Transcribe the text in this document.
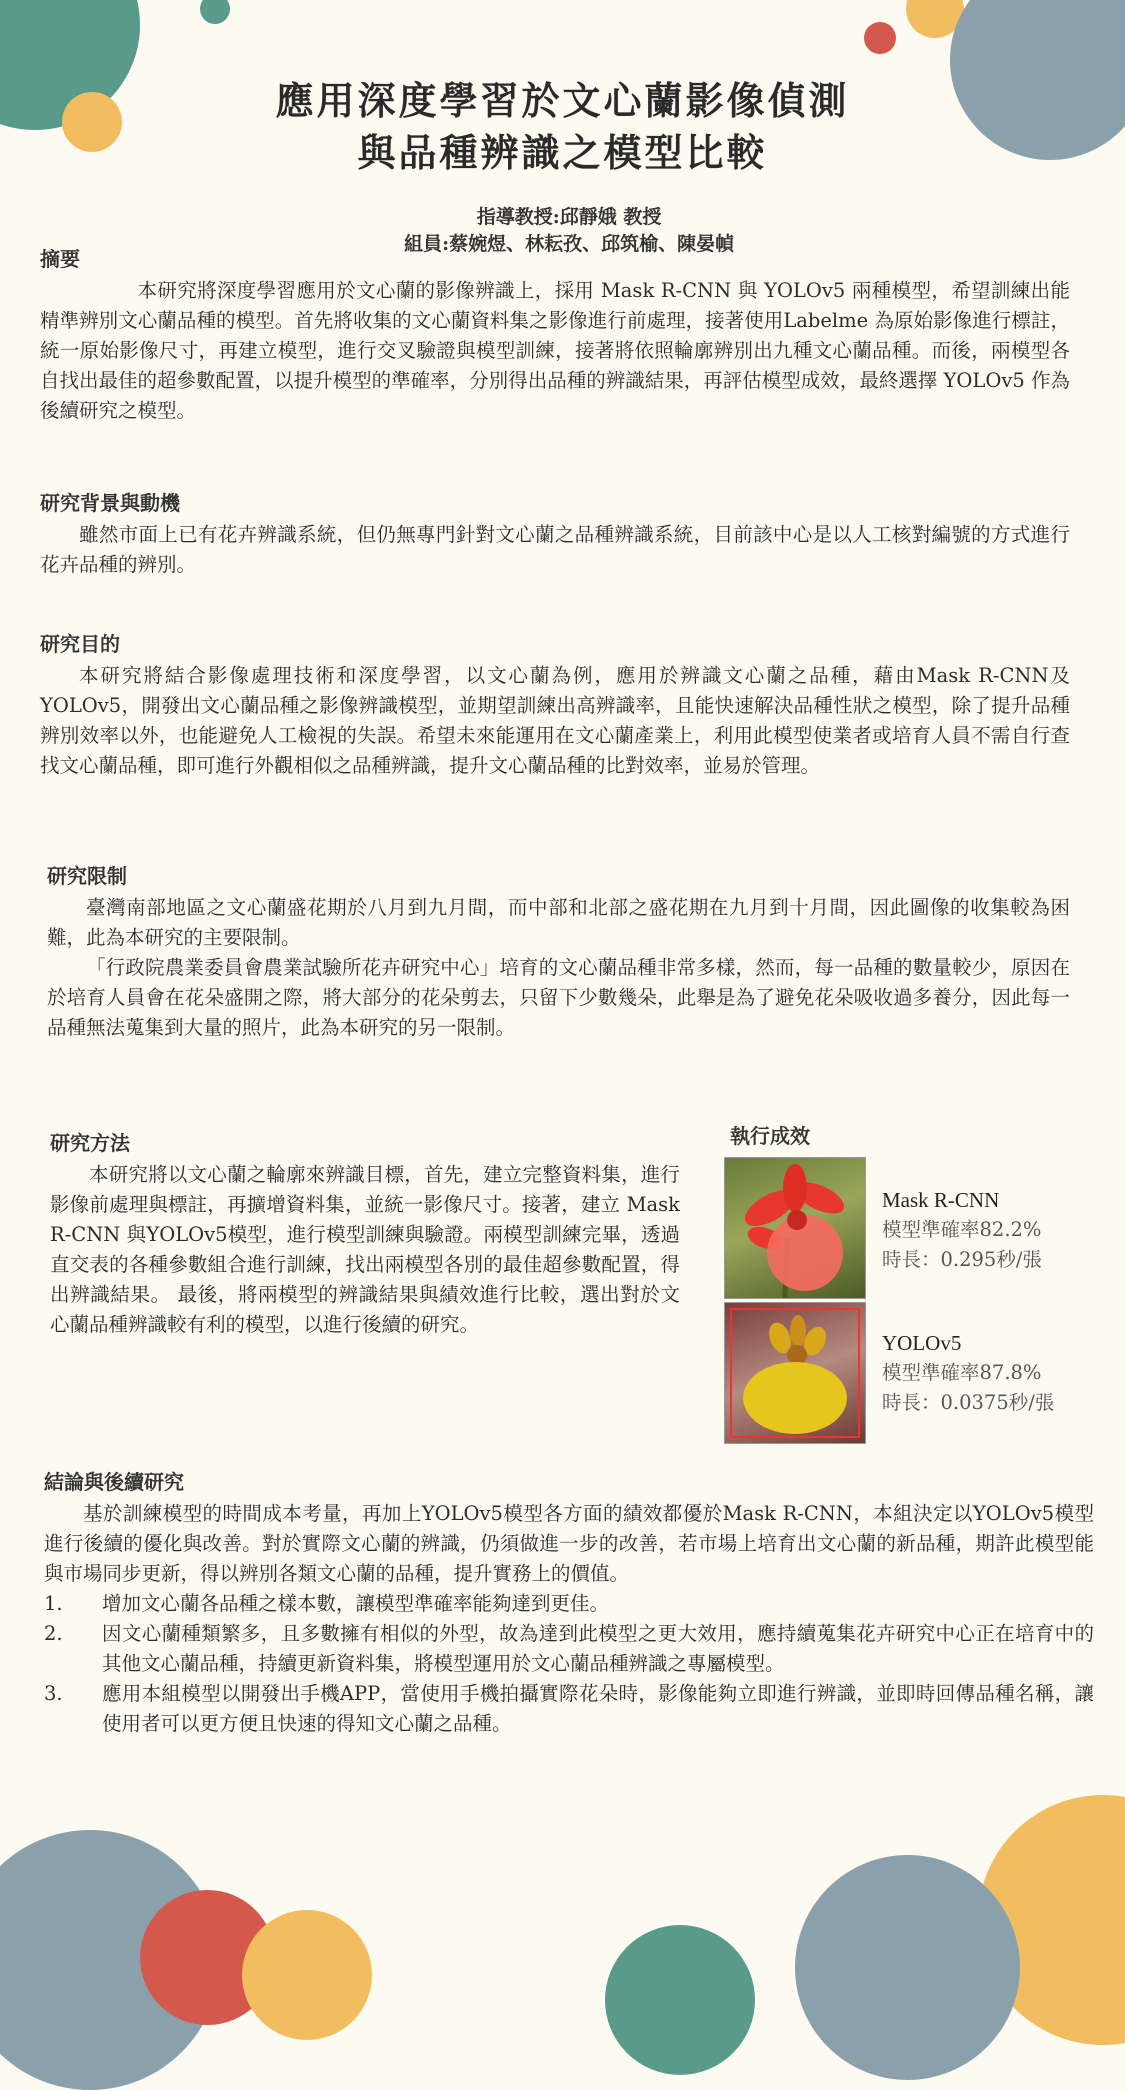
應用深度學習於文心蘭影像偵測
與品種辨識之模型比較

指導教授:邱靜娥 教授
組員:蔡婉煜、林耘孜、邱筑榆、陳晏幀

摘要

本研究將深度學習應用於文心蘭的影像辨識上，採用 Mask R-CNN 與 YOLOv5 兩種模型，希望訓練出能精準辨別文心蘭品種的模型。首先將收集的文心蘭資料集之影像進行前處理，接著使用Labelme 為原始影像進行標註，統一原始影像尺寸，再建立模型，進行交叉驗證與模型訓練，接著將依照輪廓辨別出九種文心蘭品種。而後，兩模型各自找出最佳的超參數配置，以提升模型的準確率，分別得出品種的辨識結果，再評估模型成效，最終選擇 YOLOv5 作為後續研究之模型。

研究背景與動機

雖然市面上已有花卉辨識系統，但仍無專門針對文心蘭之品種辨識系統，目前該中心是以人工核對編號的方式進行花卉品種的辨別。

研究目的

本研究將結合影像處理技術和深度學習，以文心蘭為例，應用於辨識文心蘭之品種，藉由Mask R-CNN及YOLOv5，開發出文心蘭品種之影像辨識模型，並期望訓練出高辨識率，且能快速解決品種性狀之模型，除了提升品種辨別效率以外，也能避免人工檢視的失誤。希望未來能運用在文心蘭產業上，利用此模型使業者或培育人員不需自行查找文心蘭品種，即可進行外觀相似之品種辨識，提升文心蘭品種的比對效率，並易於管理。

研究限制

臺灣南部地區之文心蘭盛花期於八月到九月間，而中部和北部之盛花期在九月到十月間，因此圖像的收集較為困難，此為本研究的主要限制。

「行政院農業委員會農業試驗所花卉研究中心」培育的文心蘭品種非常多樣，然而，每一品種的數量較少，原因在於培育人員會在花朵盛開之際，將大部分的花朵剪去，只留下少數幾朵，此舉是為了避免花朵吸收過多養分，因此每一品種無法蒐集到大量的照片，此為本研究的另一限制。

研究方法

本研究將以文心蘭之輪廓來辨識目標，首先，建立完整資料集，進行影像前處理與標註，再擴增資料集，並統一影像尺寸。接著，建立 Mask R-CNN 與YOLOv5模型，進行模型訓練與驗證。兩模型訓練完畢，透過直交表的各種參數組合進行訓練，找出兩模型各別的最佳超參數配置，得出辨識結果。 最後，將兩模型的辨識結果與績效進行比較，選出對於文心蘭品種辨識較有利的模型，以進行後續的研究。

執行成效
Mask R-CNN
模型準確率82.2%
時長：0.295秒/張
YOLOv5
模型準確率87.8%
時長：0.0375秒/張
結論與後續研究

基於訓練模型的時間成本考量，再加上YOLOv5模型各方面的績效都優於Mask R-CNN，本組決定以YOLOv5模型進行後續的優化與改善。對於實際文心蘭的辨識，仍須做進一步的改善，若市場上培育出文心蘭的新品種，期許此模型能與市場同步更新，得以辨別各類文心蘭的品種，提升實務上的價值。

1. 增加文心蘭各品種之樣本數，讓模型準確率能夠達到更佳。
2. 因文心蘭種類繁多，且多數擁有相似的外型，故為達到此模型之更大效用，應持續蒐集花卉研究中心正在培育中的其他文心蘭品種，持續更新資料集，將模型運用於文心蘭品種辨識之專屬模型。
3. 應用本組模型以開發出手機APP，當使用手機拍攝實際花朵時，影像能夠立即進行辨識，並即時回傳品種名稱，讓使用者可以更方便且快速的得知文心蘭之品種。
